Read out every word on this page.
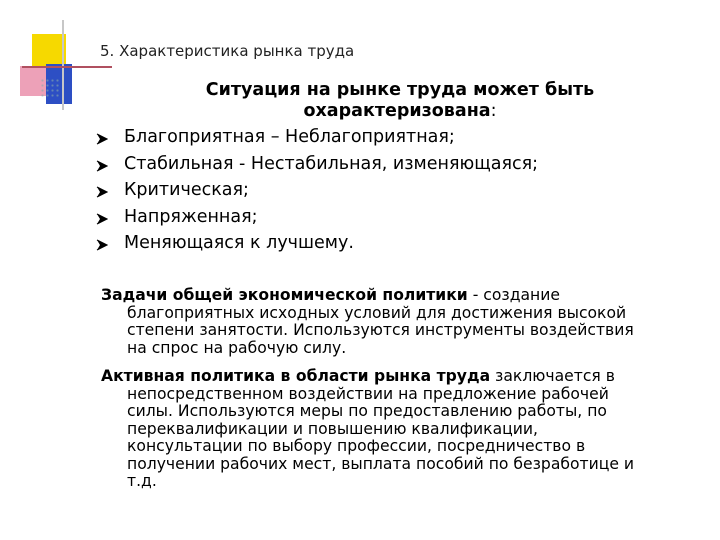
5. Характеристика рынка труда
Ситуация на рынке труда может быть
охарактеризована:
Благоприятная – Неблагоприятная;
Стабильная - Нестабильная, изменяющаяся;
Критическая;
Напряженная;
Меняющаяся к лучшему.
Задачи общей экономической политики - создание
благоприятных исходных условий для достижения высокой
степени занятости. Используются инструменты воздействия
на спрос на рабочую силу.
Активная политика в области рынка труда заключается в
непосредственном воздействии на предложение рабочей
силы. Используются меры по предоставлению работы, по
переквалификации и повышению квалификации,
консультации по выбору профессии, посредничество в
получении рабочих мест, выплата пособий по безработице и
т.д.
